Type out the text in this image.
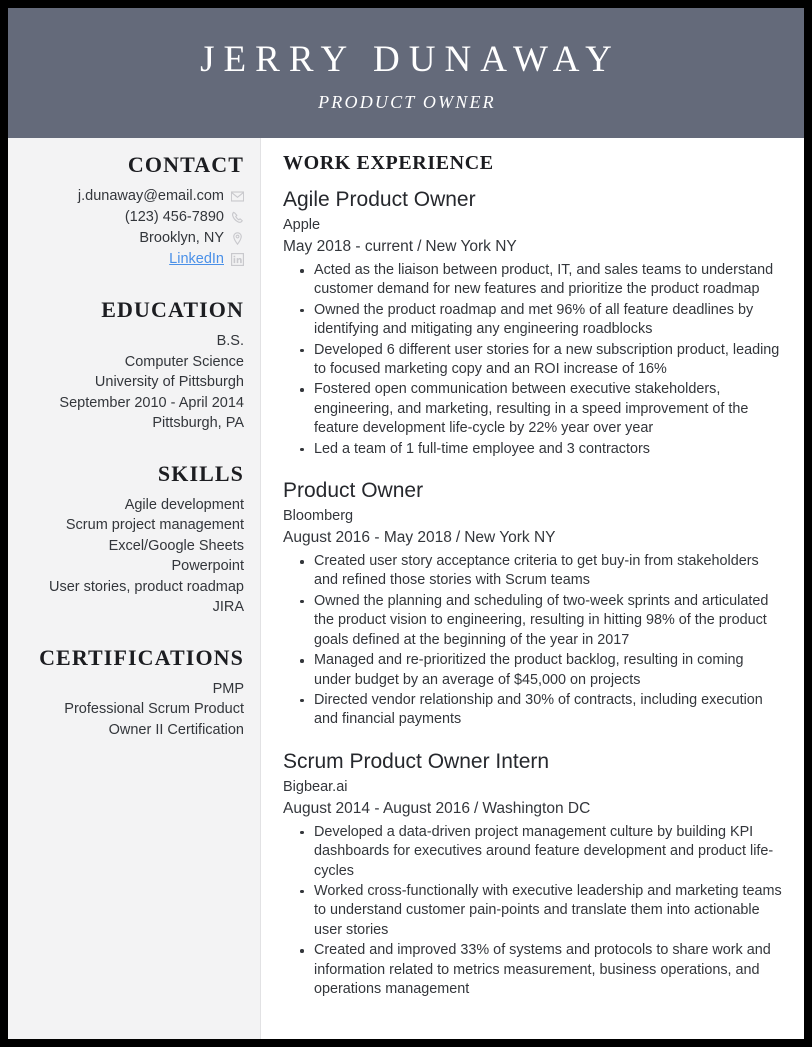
JERRY DUNAWAY
PRODUCT OWNER
CONTACT
j.dunaway@email.com
(123) 456-7890
Brooklyn, NY
LinkedIn
EDUCATION
B.S.
Computer Science
University of Pittsburgh
September 2010 - April 2014
Pittsburgh, PA
SKILLS
Agile development
Scrum project management
Excel/Google Sheets
Powerpoint
User stories, product roadmap
JIRA
CERTIFICATIONS
PMP
Professional Scrum Product Owner II Certification
WORK EXPERIENCE
Agile Product Owner
Apple
May 2018 - current / New York NY
Acted as the liaison between product, IT, and sales teams to understand customer demand for new features and prioritize the product roadmap
Owned the product roadmap and met 96% of all feature deadlines by identifying and mitigating any engineering roadblocks
Developed 6 different user stories for a new subscription product, leading to focused marketing copy and an ROI increase of 16%
Fostered open communication between executive stakeholders, engineering, and marketing, resulting in a speed improvement of the feature development life-cycle by 22% year over year
Led a team of 1 full-time employee and 3 contractors
Product Owner
Bloomberg
August 2016 - May 2018 / New York NY
Created user story acceptance criteria to get buy-in from stakeholders and refined those stories with Scrum teams
Owned the planning and scheduling of two-week sprints and articulated the product vision to engineering, resulting in hitting 98% of the product goals defined at the beginning of the year in 2017
Managed and re-prioritized the product backlog, resulting in coming under budget by an average of $45,000 on projects
Directed vendor relationship and 30% of contracts, including execution and financial payments
Scrum Product Owner Intern
Bigbear.ai
August 2014 - August 2016 / Washington DC
Developed a data-driven project management culture by building KPI dashboards for executives around feature development and product life-cycles
Worked cross-functionally with executive leadership and marketing teams to understand customer pain-points and translate them into actionable user stories
Created and improved 33% of systems and protocols to share work and information related to metrics measurement, business operations, and operations management
